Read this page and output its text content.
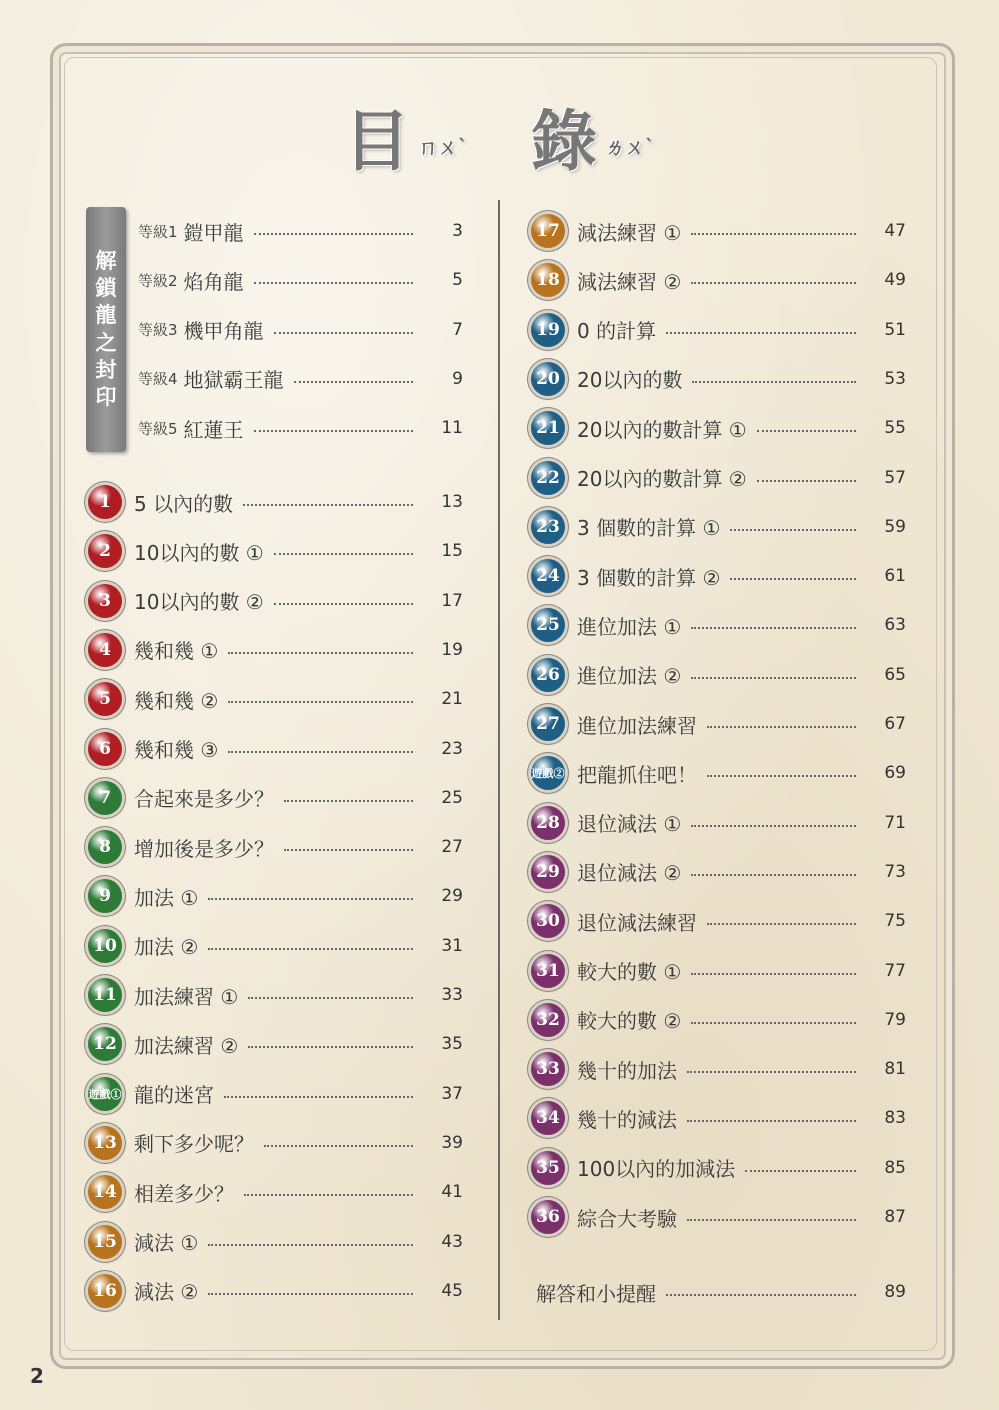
目 ㄇㄨˋ 錄 ㄌㄨˋ
解
鎖
龍
之
封
印
等級1 鎧甲龍	3
等級2 焰角龍	5
等級3 機甲角龍	7
等級4 地獄霸王龍	9
等級5 紅蓮王	11
1	5 以內的數	13
2	10以內的數 ①	15
3	10以內的數 ②	17
4	幾和幾 ①	19
5	幾和幾 ②	21
6	幾和幾 ③	23
7	合起來是多少？	25
8	增加後是多少？	27
9	加法 ①	29
10 加法 ②	31
11 加法練習 ①	33
12 加法練習 ②	35
遊戲① 龍的迷宮	37
13 剩下多少呢？	39
14 相差多少？	41
15 減法 ①	43
16 減法 ②	45
17 減法練習 ①	47
18 減法練習 ②	49
19 0 的計算	51
20 20以內的數	53
21 20以內的數計算 ①	55
22 20以內的數計算 ②	57
23 3 個數的計算 ①	59
24 3 個數的計算 ②	61
25 進位加法 ①	63
26 進位加法 ②	65
27 進位加法練習	67
遊戲② 把龍抓住吧！	69
28 退位減法 ①	71
29 退位減法 ②	73
30 退位減法練習	75
31 較大的數 ①	77
32 較大的數 ②	79
33 幾十的加法	81
34 幾十的減法	83
35 100以內的加減法	85
36 綜合大考驗	87
解答和小提醒	89
2
